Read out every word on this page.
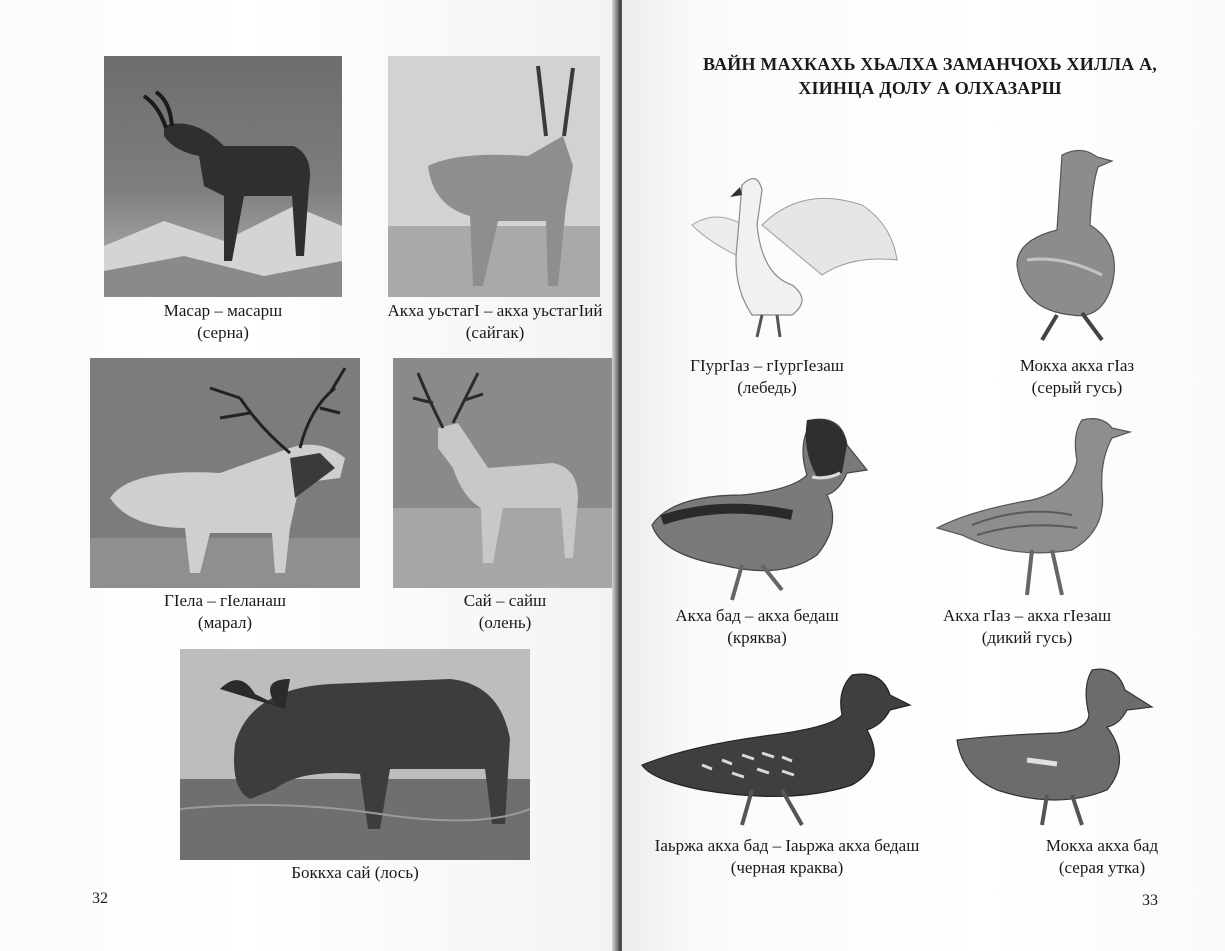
Масар – масарш
(серна)
Акха уьстагI – акха уьстагIий
(сайгак)
ГIела – гIеланаш
(марал)
Сай – сайш
(олень)
Боккха сай (лось)
32
ВАЙН МАХКАХЬ ХЬАЛХА ЗАМАНЧОХЬ ХИЛЛА А,
ХIИНЦА ДОЛУ А ОЛХАЗАРШ
ГIургIаз – гIургIезаш
(лебедь)
Мокха акха гIаз
(серый гусь)
Акха бад – акха бедаш
(кряква)
Акха гIаз – акха гIезаш
(дикий гусь)
Iаьржа акха бад – Iаьржа акха бедаш
(черная краква)
Мокха акха бад
(серая утка)
33
